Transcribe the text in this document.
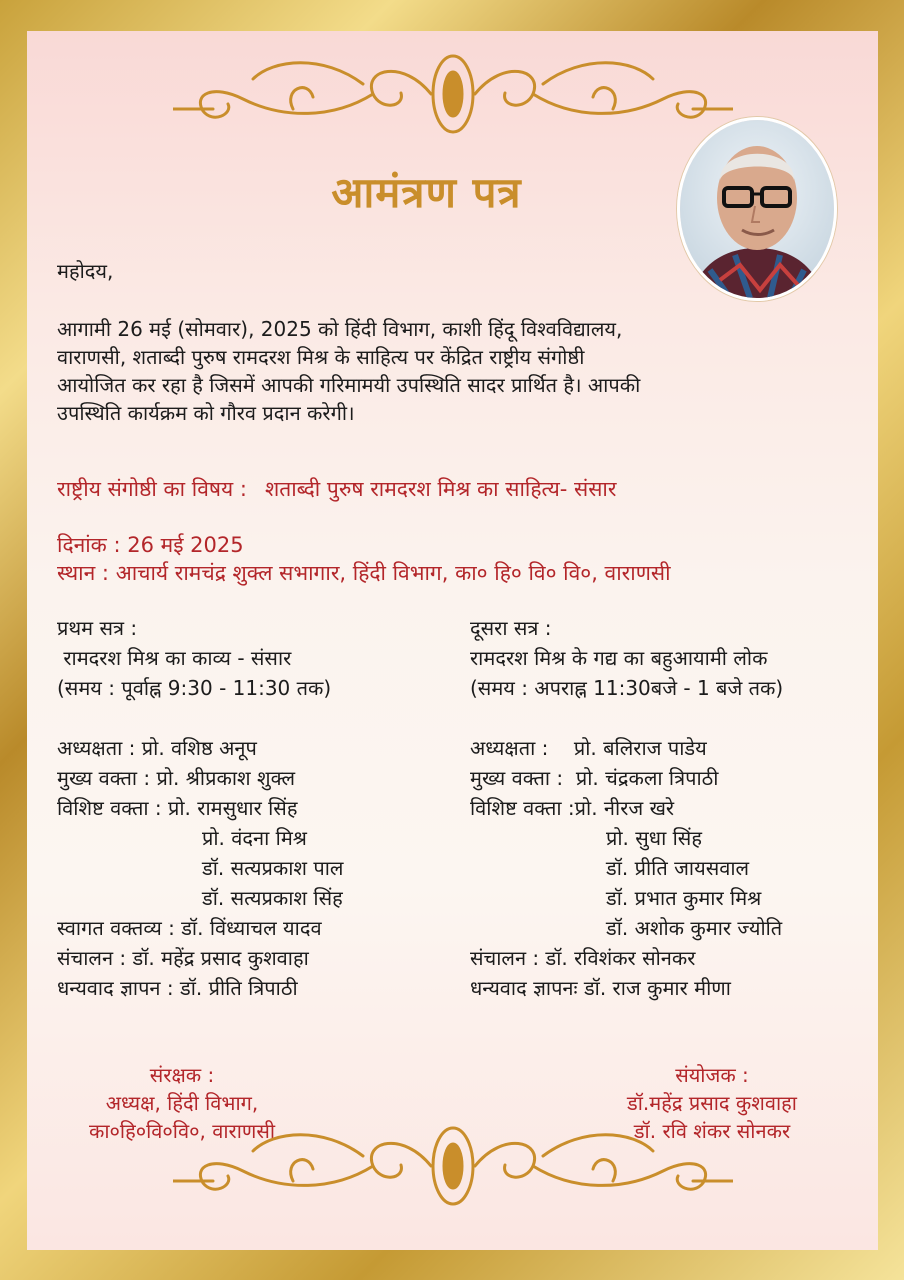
आमंत्रण पत्र
महोदय,
आगामी 26 मई (सोमवार), 2025 को हिंदी विभाग, काशी हिंदू विश्वविद्यालय,
वाराणसी, शताब्दी पुरुष रामदरश मिश्र के साहित्य पर केंद्रित राष्ट्रीय संगोष्ठी
आयोजित कर रहा है जिसमें आपकी गरिमामयी उपस्थिति सादर प्रार्थित है। आपकी
उपस्थिति कार्यक्रम को गौरव प्रदान करेगी।
राष्ट्रीय संगोष्ठी का विषय : शताब्दी पुरुष रामदरश मिश्र का साहित्य- संसार
दिनांक : 26 मई 2025
स्थान : आचार्य रामचंद्र शुक्ल सभागार, हिंदी विभाग, का० हि० वि० वि०, वाराणसी
प्रथम सत्र :
रामदरश मिश्र का काव्य - संसार
(समय : पूर्वाह्न 9:30 - 11:30 तक)
अध्यक्षता : प्रो. वशिष्ठ अनूप
मुख्य वक्ता : प्रो. श्रीप्रकाश शुक्ल
विशिष्ट वक्ता : प्रो. रामसुधार सिंह
प्रो. वंदना मिश्र
डॉ. सत्यप्रकाश पाल
डॉ. सत्यप्रकाश सिंह
स्वागत वक्तव्य : डॉ. विंध्याचल यादव
संचालन : डॉ. महेंद्र प्रसाद कुशवाहा
धन्यवाद ज्ञापन : डॉ. प्रीति त्रिपाठी
दूसरा सत्र :
रामदरश मिश्र के गद्य का बहुआयामी लोक
(समय : अपराह्न 11:30बजे - 1 बजे तक)
अध्यक्षता : प्रो. बलिराज पाडेय
मुख्य वक्ता : प्रो. चंद्रकला त्रिपाठी
विशिष्ट वक्ता : प्रो. नीरज खरे
प्रो. सुधा सिंह
डॉ. प्रीति जायसवाल
डॉ. प्रभात कुमार मिश्र
डॉ. अशोक कुमार ज्योति
संचालन : डॉ. रविशंकर सोनकर
धन्यवाद ज्ञापनः डॉ. राज कुमार मीणा
संरक्षक :
अध्यक्ष, हिंदी विभाग,
का०हि०वि०वि०, वाराणसी
संयोजक :
डॉ.महेंद्र प्रसाद कुशवाहा
डॉ. रवि शंकर सोनकर
